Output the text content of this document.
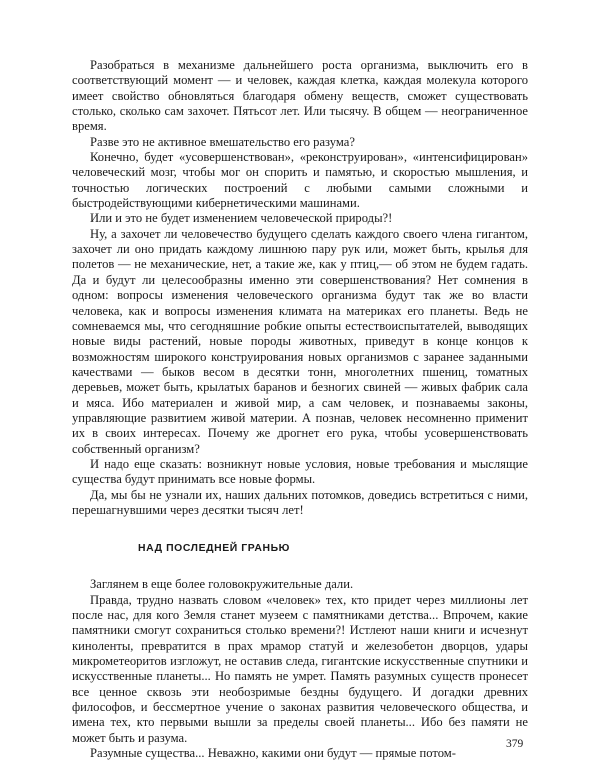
Разобраться в механизме дальнейшего роста организма, выключить его в соответствующий момент — и человек, каждая клетка, каждая молекула которого имеет свойство обновляться благодаря обмену веществ, сможет существовать столько, сколько сам захочет. Пятьсот лет. Или тысячу. В общем — неограниченное время.

Разве это не активное вмешательство его разума?

Конечно, будет «усовершенствован», «реконструирован», «интенсифицирован» человеческий мозг, чтобы мог он спорить и памятью, и скоростью мышления, и точностью логических построений с любыми самыми сложными и быстродействующими кибернетическими машинами.

Или и это не будет изменением человеческой природы?!

Ну, а захочет ли человечество будущего сделать каждого своего члена гигантом, захочет ли оно придать каждому лишнюю пару рук или, может быть, крылья для полетов — не механические, нет, а такие же, как у птиц,— об этом не будем гадать. Да и будут ли целесообразны именно эти совершенствования? Нет сомнения в одном: вопросы изменения человеческого организма будут так же во власти человека, как и вопросы изменения климата на материках его планеты. Ведь не сомневаемся мы, что сегодняшние робкие опыты естествоиспытателей, выводящих новые виды растений, новые породы животных, приведут в конце концов к возможностям широкого конструирования новых организмов с заранее заданными качествами — быков весом в десятки тонн, многолетних пшениц, томатных деревьев, может быть, крылатых баранов и безногих свиней — живых фабрик сала и мяса. Ибо материален и живой мир, а сам человек, и познаваемы законы, управляющие развитием живой материи. А познав, человек несомненно применит их в своих интересах. Почему же дрогнет его рука, чтобы усовершенствовать собственный организм?

И надо еще сказать: возникнут новые условия, новые требования и мыслящие существа будут принимать все новые формы.

Да, мы бы не узнали их, наших дальних потомков, доведись встретиться с ними, перешагнувшими через десятки тысяч лет!

НАД ПОСЛЕДНЕЙ ГРАНЬЮ

Заглянем в еще более головокружительные дали.

Правда, трудно назвать словом «человек» тех, кто придет через миллионы лет после нас, для кого Земля станет музеем с памятниками детства... Впрочем, какие памятники смогут сохраниться столько времени?! Истлеют наши книги и исчезнут киноленты, превратится в прах мрамор статуй и железобетон дворцов, удары микрометеоритов изгложут, не оставив следа, гигантские искусственные спутники и искусственные планеты... Но память не умрет. Память разумных существ пронесет все ценное сквозь эти необозримые бездны будущего. И догадки древних философов, и бессмертное учение о законах развития человеческого общества, и имена тех, кто первыми вышли за пределы своей планеты... Ибо без памяти не может быть и разума.

Разумные существа... Неважно, какими они будут — прямые потом-

379
